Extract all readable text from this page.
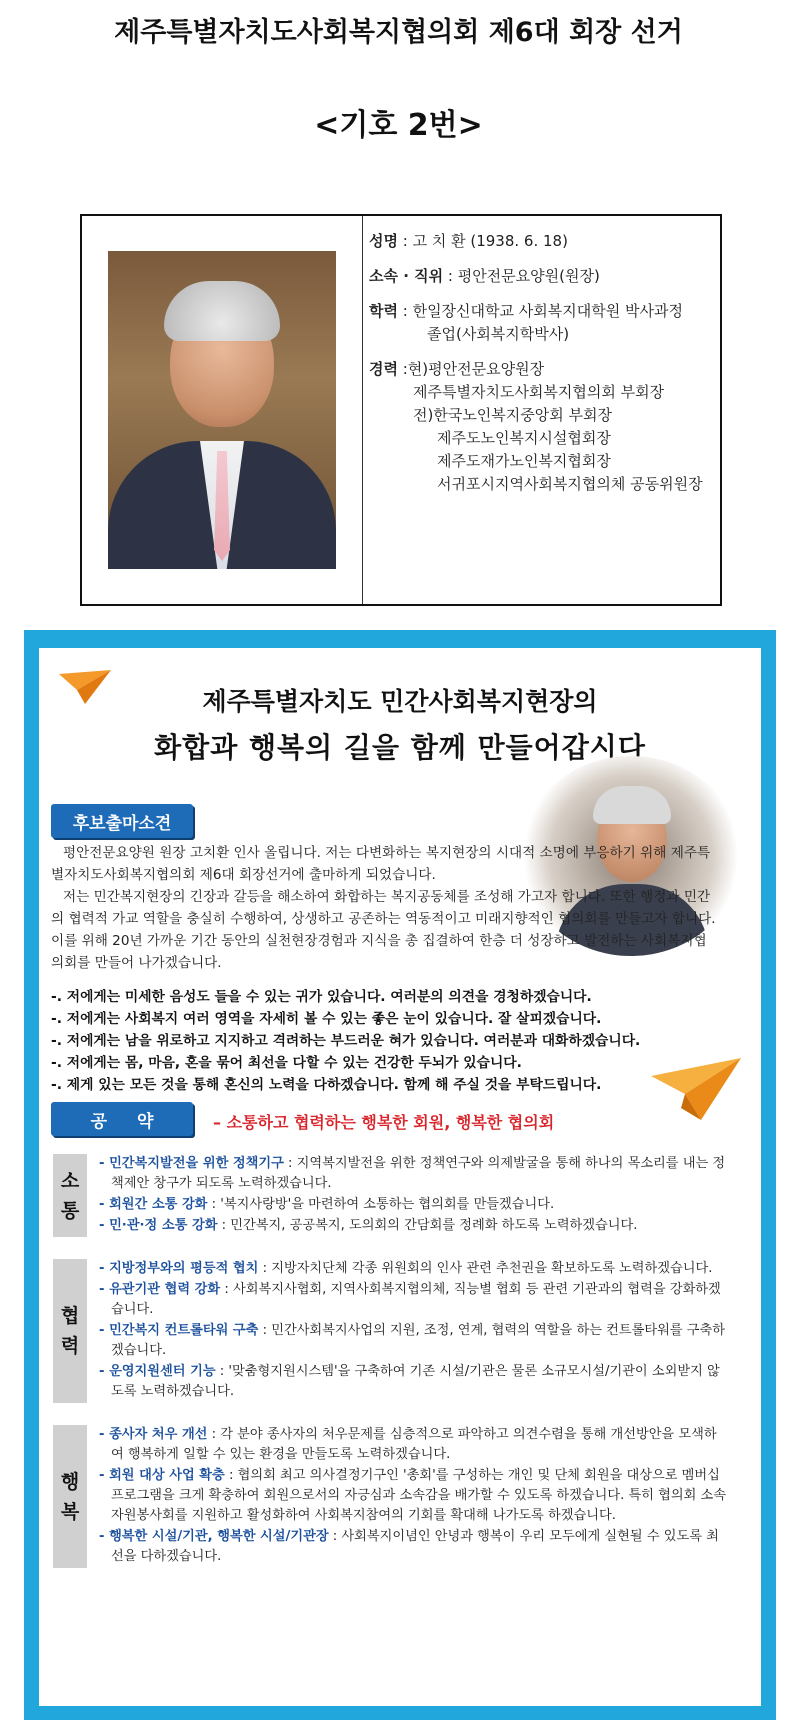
제주특별자치도사회복지협의회 제6대 회장 선거
<기호 2번>
성명 : 고 치 환 (1938. 6. 18)
소속 · 직위 : 평안전문요양원(원장)
학력 : 한일장신대학교 사회복지대학원 박사과정
졸업(사회복지학박사)
경력 :현)평안전문요양원장
제주특별자치도사회복지협의회 부회장
전)한국노인복지중앙회 부회장
제주도노인복지시설협회장
제주도재가노인복지협회장
서귀포시지역사회복지협의체 공동위원장
제주특별자치도 민간사회복지현장의
화합과 행복의 길을 함께 만들어갑시다
후보출마소견

평안전문요양원 원장 고치환 인사 올립니다. 저는 다변화하는 복지현장의 시대적 소명에 부응하기 위해 제주특별자치도사회복지협의회 제6대 회장선거에 출마하게 되었습니다.

저는 민간복지현장의 긴장과 갈등을 해소하여 화합하는 복지공동체를 조성해 가고자 합니다. 또한 행정과 민간의 협력적 가교 역할을 충실히 수행하여, 상생하고 공존하는 역동적이고 미래지향적인 협의회를 만들고자 합니다. 이를 위해 20년 가까운 기간 동안의 실천현장경험과 지식을 총 집결하여 한층 더 성장하고 발전하는 사회복지협의회를 만들어 나가겠습니다.

-. 저에게는 미세한 음성도 들을 수 있는 귀가 있습니다. 여러분의 의견을 경청하겠습니다.
-. 저에게는 사회복지 여러 영역을 자세히 볼 수 있는 좋은 눈이 있습니다. 잘 살피겠습니다.
-. 저에게는 남을 위로하고 지지하고 격려하는 부드러운 혀가 있습니다. 여러분과 대화하겠습니다.
-. 저에게는 몸, 마음, 혼을 묶어 최선을 다할 수 있는 건강한 두뇌가 있습니다.
-. 제게 있는 모든 것을 통해 혼신의 노력을 다하겠습니다. 함께 해 주실 것을 부탁드립니다.
공약	– 소통하고 협력하는 행복한 회원, 행복한 협의회
소
통
- 민간복지발전을 위한 정책기구 : 지역복지발전을 위한 정책연구와 의제발굴을 통해 하나의 목소리를 내는 정책제안 창구가 되도록 노력하겠습니다.
- 회원간 소통 강화 : '복지사랑방'을 마련하여 소통하는 협의회를 만들겠습니다.
- 민·관·정 소통 강화 : 민간복지, 공공복지, 도의회의 간담회를 정례화 하도록 노력하겠습니다.
협
력
- 지방정부와의 평등적 협치 : 지방자치단체 각종 위원회의 인사 관련 추천권을 확보하도록 노력하겠습니다.
- 유관기관 협력 강화 : 사회복지사협회, 지역사회복지협의체, 직능별 협회 등 관련 기관과의 협력을 강화하겠습니다.
- 민간복지 컨트롤타워 구축 : 민간사회복지사업의 지원, 조정, 연계, 협력의 역할을 하는 컨트롤타워를 구축하겠습니다.
- 운영지원센터 기능 : '맞춤형지원시스템'을 구축하여 기존 시설/기관은 물론 소규모시설/기관이 소외받지 않도록 노력하겠습니다.
행
복
- 종사자 처우 개선 : 각 분야 종사자의 처우문제를 심층적으로 파악하고 의견수렴을 통해 개선방안을 모색하여 행복하게 일할 수 있는 환경을 만들도록 노력하겠습니다.
- 회원 대상 사업 확충 : 협의회 최고 의사결정기구인 '총회'를 구성하는 개인 및 단체 회원을 대상으로 멤버십프로그램을 크게 확충하여 회원으로서의 자긍심과 소속감을 배가할 수 있도록 하겠습니다. 특히 협의회 소속 자원봉사회를 지원하고 활성화하여 사회복지참여의 기회를 확대해 나가도록 하겠습니다.
- 행복한 시설/기관, 행복한 시설/기관장 : 사회복지이념인 안녕과 행복이 우리 모두에게 실현될 수 있도록 최선을 다하겠습니다.
